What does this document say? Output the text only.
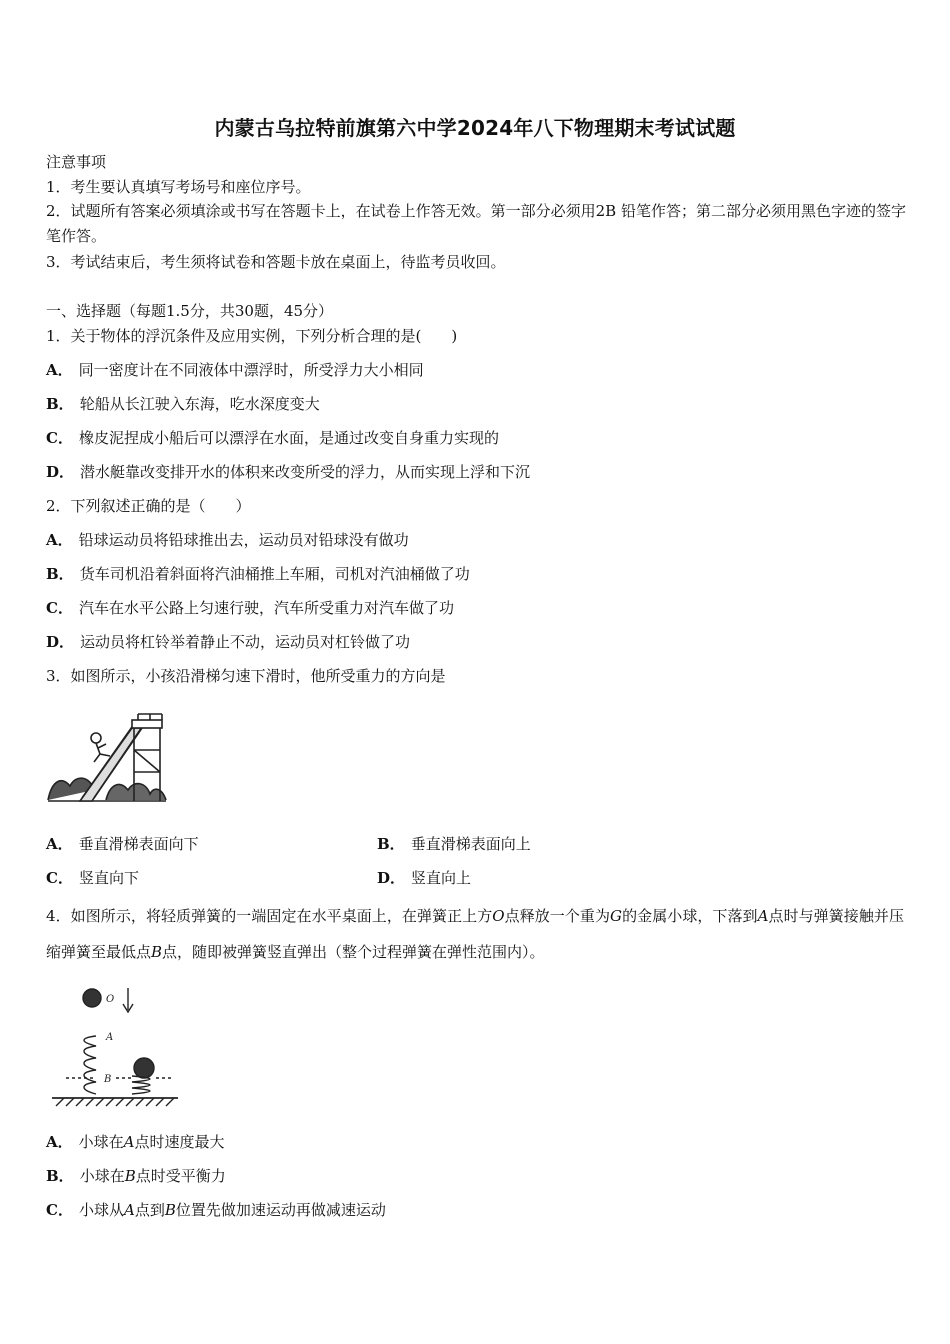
内蒙古乌拉特前旗第六中学2024年八下物理期末考试试题
注意事项
1．考生要认真填写考场号和座位序号。
2．试题所有答案必须填涂或书写在答题卡上，在试卷上作答无效。第一部分必须用2B 铅笔作答；第二部分必须用黑色字迹的签字笔作答。
3．考试结束后，考生须将试卷和答题卡放在桌面上，待监考员收回。
一、选择题（每题1.5分，共30题，45分）
1．关于物体的浮沉条件及应用实例，下列分析合理的是(　　)
A． 同一密度计在不同液体中漂浮时，所受浮力大小相同
B． 轮船从长江驶入东海，吃水深度变大
C． 橡皮泥捏成小船后可以漂浮在水面，是通过改变自身重力实现的
D． 潜水艇靠改变排开水的体积来改变所受的浮力，从而实现上浮和下沉
2．下列叙述正确的是（　　）
A． 铅球运动员将铅球推出去，运动员对铅球没有做功
B． 货车司机沿着斜面将汽油桶推上车厢，司机对汽油桶做了功
C． 汽车在水平公路上匀速行驶，汽车所受重力对汽车做了功
D． 运动员将杠铃举着静止不动，运动员对杠铃做了功
3．如图所示，小孩沿滑梯匀速下滑时，他所受重力的方向是
A． 垂直滑梯表面向下	B． 垂直滑梯表面向上
C． 竖直向下	D． 竖直向上
4．如图所示，将轻质弹簧的一端固定在水平桌面上，在弹簧正上方O点释放一个重为G的金属小球，下落到A点时与弹簧接触并压缩弹簧至最低点B点，随即被弹簧竖直弹出（整个过程弹簧在弹性范围内）。
O
A
B
A． 小球在A点时速度最大
B． 小球在B点时受平衡力
C． 小球从A点到B位置先做加速运动再做减速运动
